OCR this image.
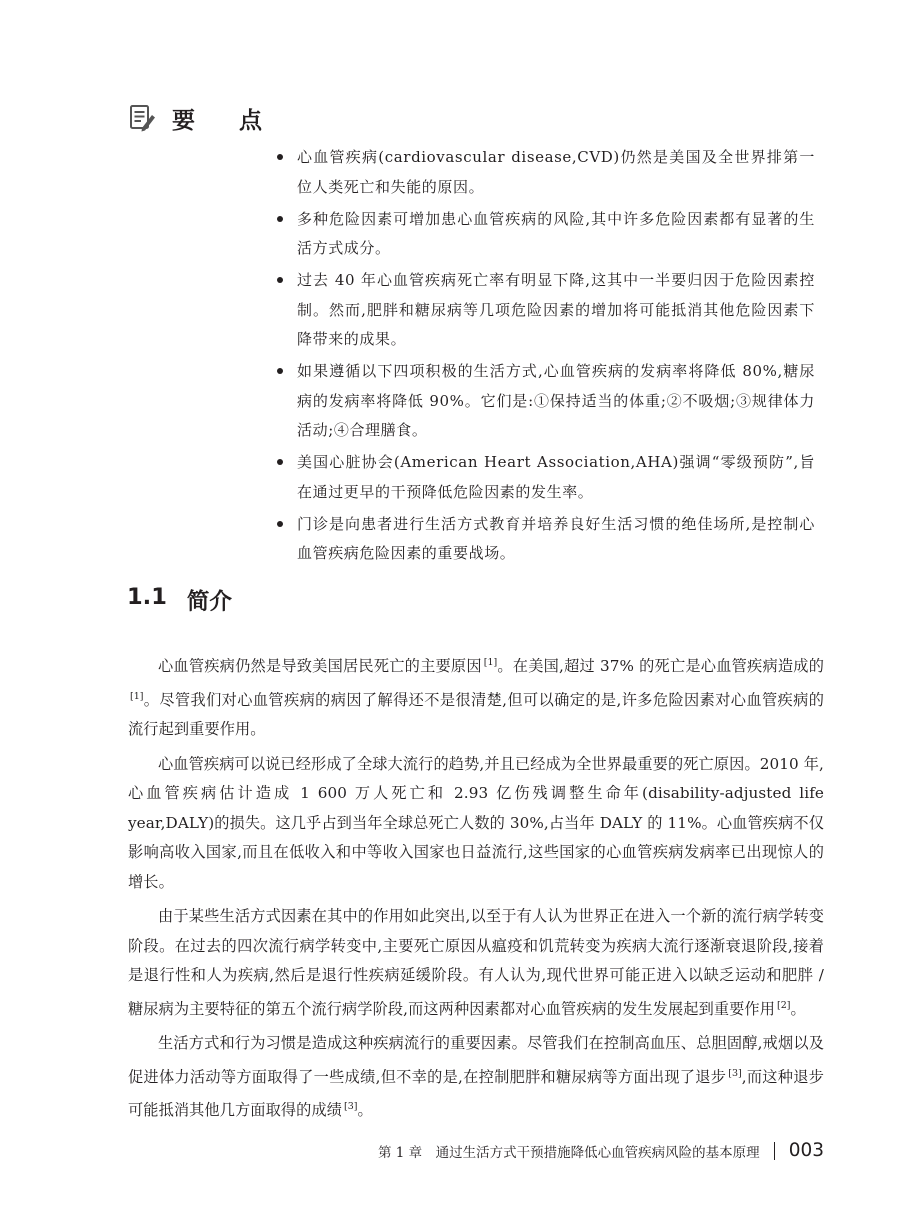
要 点
心血管疾病(cardiovascular disease,CVD)仍然是美国及全世界排第一位人类死亡和失能的原因。
多种危险因素可增加患心血管疾病的风险,其中许多危险因素都有显著的生活方式成分。
过去 40 年心血管疾病死亡率有明显下降,这其中一半要归因于危险因素控制。然而,肥胖和糖尿病等几项危险因素的增加将可能抵消其他危险因素下降带来的成果。
如果遵循以下四项积极的生活方式,心血管疾病的发病率将降低 80%,糖尿病的发病率将降低 90%。它们是:①保持适当的体重;②不吸烟;③规律体力活动;④合理膳食。
美国心脏协会(American Heart Association,AHA)强调“零级预防”,旨在通过更早的干预降低危险因素的发生率。
门诊是向患者进行生活方式教育并培养良好生活习惯的绝佳场所,是控制心血管疾病危险因素的重要战场。
1.1 简介

心血管疾病仍然是导致美国居民死亡的主要原因 [1]。在美国,超过 37% 的死亡是心血管疾病造成的[1]。尽管我们对心血管疾病的病因了解得还不是很清楚,但可以确定的是,许多危险因素对心血管疾病的流行起到重要作用。

心血管疾病可以说已经形成了全球大流行的趋势,并且已经成为全世界最重要的死亡原因。2010 年,心血管疾病估计造成 1 600 万人死亡和 2.93 亿伤残调整生命年(disability-adjusted life year,DALY)的损失。这几乎占到当年全球总死亡人数的 30%,占当年 DALY 的 11%。心血管疾病不仅影响高收入国家,而且在低收入和中等收入国家也日益流行,这些国家的心血管疾病发病率已出现惊人的增长。

由于某些生活方式因素在其中的作用如此突出,以至于有人认为世界正在进入一个新的流行病学转变阶段。在过去的四次流行病学转变中,主要死亡原因从瘟疫和饥荒转变为疾病大流行逐渐衰退阶段,接着是退行性和人为疾病,然后是退行性疾病延缓阶段。有人认为,现代世界可能正进入以缺乏运动和肥胖 / 糖尿病为主要特征的第五个流行病学阶段,而这两种因素都对心血管疾病的发生发展起到重要作用 [2]。

生活方式和行为习惯是造成这种疾病流行的重要因素。尽管我们在控制高血压、总胆固醇,戒烟以及促进体力活动等方面取得了一些成绩,但不幸的是,在控制肥胖和糖尿病等方面出现了退步 [3],而这种退步可能抵消其他几方面取得的成绩 [3]。

第 1 章　通过生活方式干预措施降低心血管疾病风险的基本原理 003
